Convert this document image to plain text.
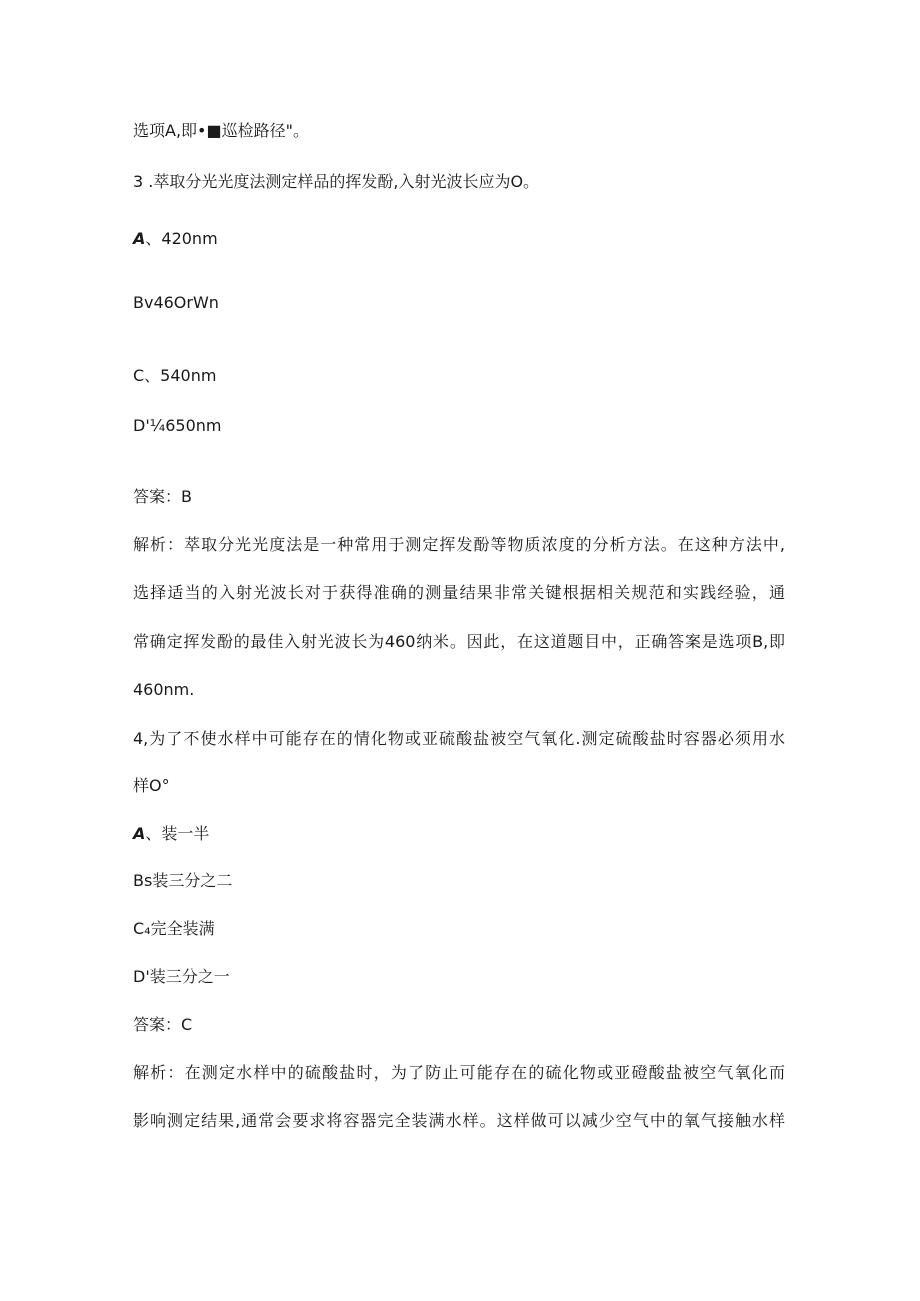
选项A,即•■巡检路径"。
3 .萃取分光光度法测定样品的挥发酚,入射光波长应为O。
A、420nm
Bv46OrWn
C、540nm
D'¼650nm
答案：B
解析：萃取分光光度法是一种常用于测定挥发酚等物质浓度的分析方法。在这种方法中,
选择适当的入射光波长对于获得准确的测量结果非常关键根据相关规范和实践经验，通
常确定挥发酚的最佳入射光波长为460纳米。因此，在这道题目中，正确答案是选项B,即
460nm.
4,为了不使水样中可能存在的情化物或亚硫酸盐被空气氧化.测定硫酸盐时容器必须用水
样O°
A、装一半
Bs装三分之二
C₄完全装满
D'装三分之一
答案：C
解析：在测定水样中的硫酸盐时，为了防止可能存在的硫化物或亚磴酸盐被空气氧化而
影响测定结果,通常会要求将容器完全装满水样。这样做可以减少空气中的氧气接触水样
